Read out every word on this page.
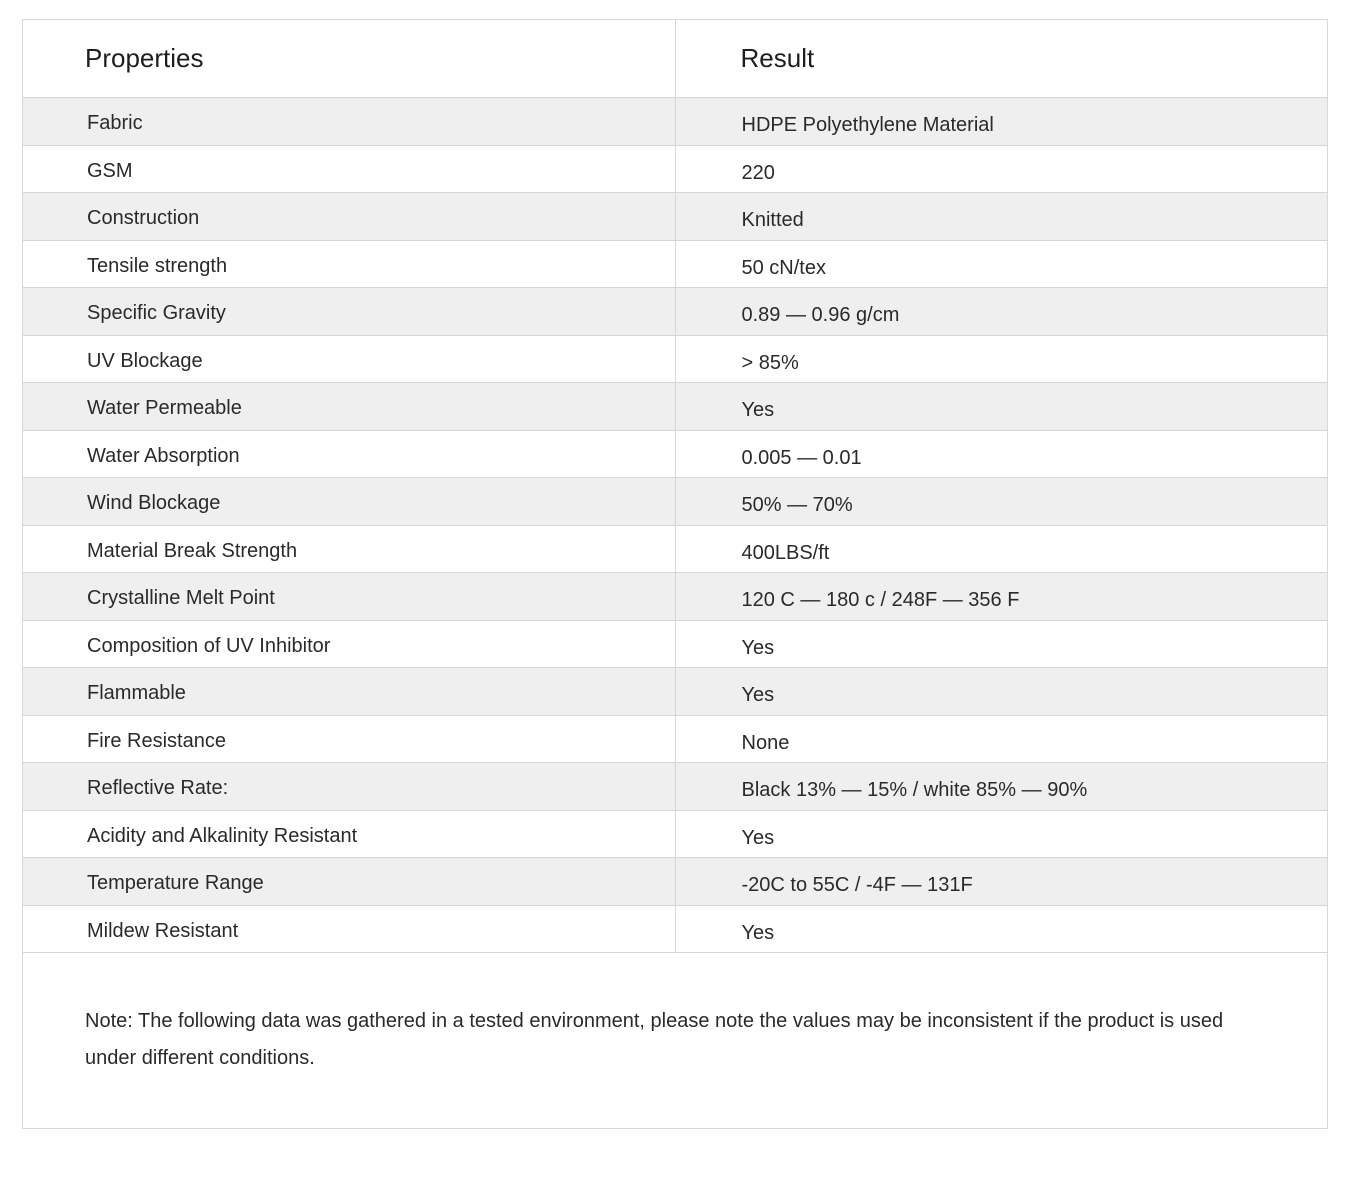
Properties	Result
Fabric	HDPE Polyethylene Material
GSM	220
Construction	Knitted
Tensile strength	50 cN/tex
Specific Gravity	0.89 — 0.96 g/cm
UV Blockage	> 85%
Water Permeable	Yes
Water Absorption	0.005 — 0.01
Wind Blockage	50% — 70%
Material Break Strength	400LBS/ft
Crystalline Melt Point	120 C — 180 c / 248F — 356 F
Composition of UV Inhibitor	Yes
Flammable	Yes
Fire Resistance	None
Reflective Rate:	Black 13% — 15% / white 85% — 90%
Acidity and Alkalinity Resistant	Yes
Temperature Range	-20C to 55C / -4F — 131F
Mildew Resistant	Yes

Note: The following data was gathered in a tested environment, please note the values may be inconsistent if the product is used under different conditions.
